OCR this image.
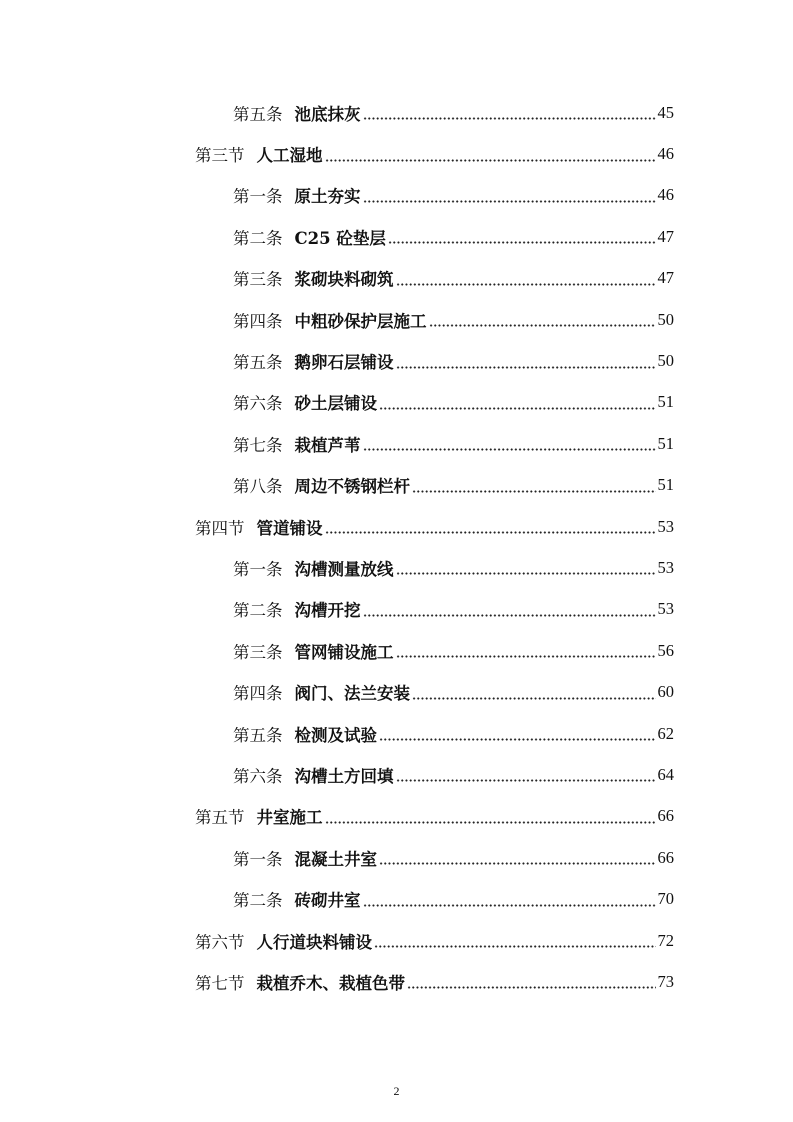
第五条 池底抹灰	45
第三节 人工湿地	46
第一条 原土夯实	46
第二条 C25 砼垫层	47
第三条 浆砌块料砌筑	47
第四条 中粗砂保护层施工	50
第五条 鹅卵石层铺设	50
第六条 砂土层铺设	51
第七条 栽植芦苇	51
第八条 周边不锈钢栏杆	51
第四节 管道铺设	53
第一条 沟槽测量放线	53
第二条 沟槽开挖	53
第三条 管网铺设施工	56
第四条 阀门、法兰安装	60
第五条 检测及试验	62
第六条 沟槽土方回填	64
第五节 井室施工	66
第一条 混凝土井室	66
第二条 砖砌井室	70
第六节 人行道块料铺设	72
第七节 栽植乔木、栽植色带	73
2
